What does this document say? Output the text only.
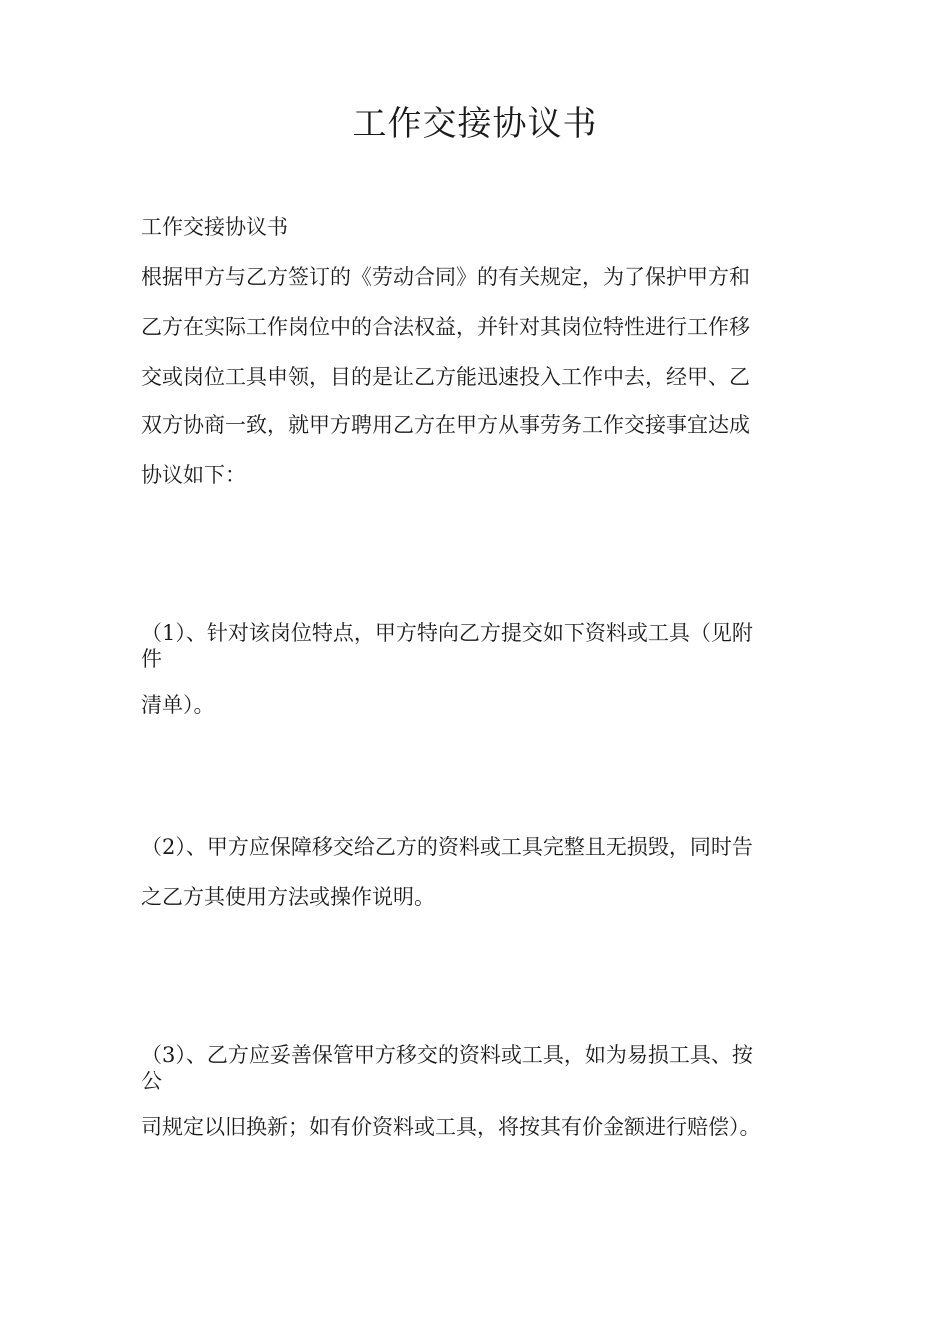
工作交接协议书
工作交接协议书
根据甲方与乙方签订的《劳动合同》的有关规定，为了保护甲方和
乙方在实际工作岗位中的合法权益，并针对其岗位特性进行工作移
交或岗位工具申领，目的是让乙方能迅速投入工作中去，经甲、乙
双方协商一致，就甲方聘用乙方在甲方从事劳务工作交接事宜达成
协议如下：
（1）、针对该岗位特点，甲方特向乙方提交如下资料或工具（见附
件
清单）。
（2）、甲方应保障移交给乙方的资料或工具完整且无损毁，同时告
之乙方其使用方法或操作说明。
（3）、乙方应妥善保管甲方移交的资料或工具，如为易损工具、按
公
司规定以旧换新；如有价资料或工具，将按其有价金额进行赔偿）。
